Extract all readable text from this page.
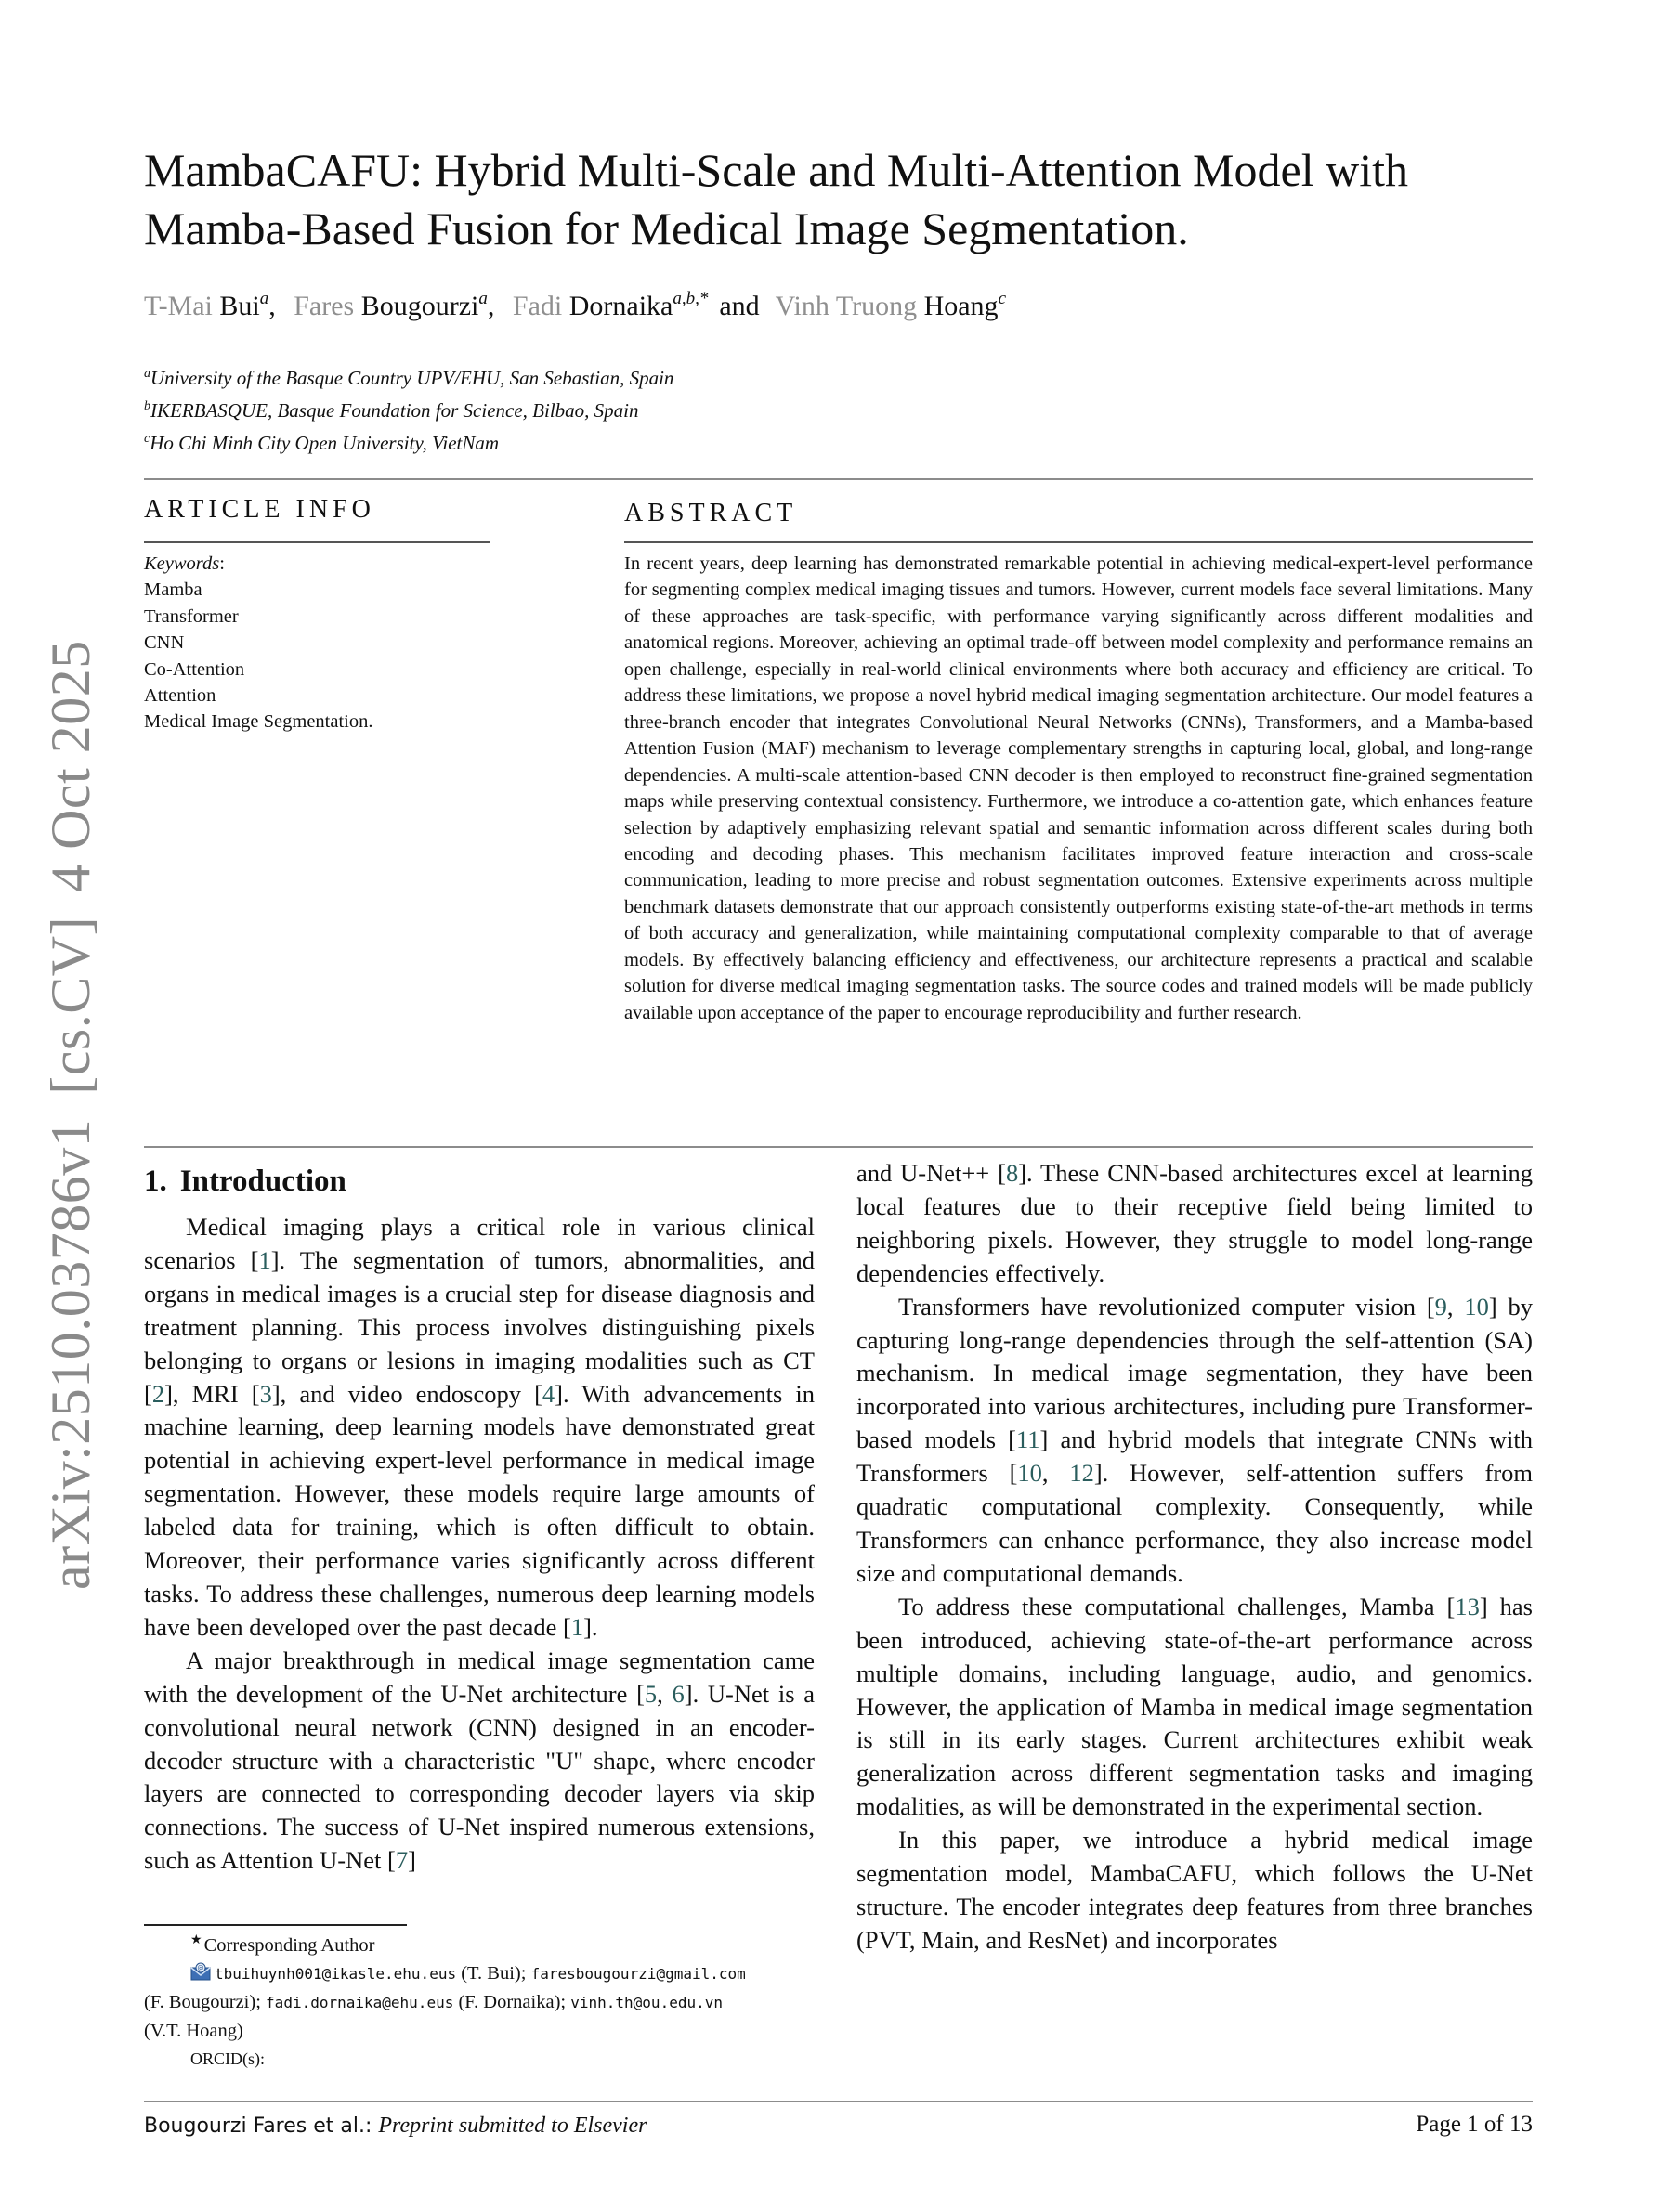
arXiv:2510.03786v1[cs.CV]4 Oct 2025
MambaCAFU: Hybrid Multi-Scale and Multi-Attention Model with Mamba-Based Fusion for Medical Image Segmentation.
T-Mai Bui$^a$, Fares Bougourzi$^a$, Fadi Dornaika$^{a,b,*}$ and Vinh Truong Hoang$^c$
$^a$University of the Basque Country UPV/EHU, San Sebastian, Spain
$^b$IKERBASQUE, Basque Foundation for Science, Bilbao, Spain
$^c$Ho Chi Minh City Open University, VietNam
ARTICLE INFO
Keywords:
Mamba
Transformer
CNN
Co-Attention
Attention
Medical Image Segmentation.
ABSTRACT

In recent years, deep learning has demonstrated remarkable potential in achieving medical-expert-level performance for segmenting complex medical imaging tissues and tumors. However, current models face several limitations. Many of these approaches are task-specific, with performance varying significantly across different modalities and anatomical regions. Moreover, achieving an optimal trade-off between model complexity and performance remains an open challenge, especially in real-world clinical environments where both accuracy and efficiency are critical. To address these limitations, we propose a novel hybrid medical imaging segmentation architecture. Our model features a three-branch encoder that integrates Convolutional Neural Networks (CNNs), Transformers, and a Mamba-based Attention Fusion (MAF) mechanism to leverage complementary strengths in capturing local, global, and long-range dependencies. A multi-scale attention-based CNN decoder is then employed to reconstruct fine-grained segmentation maps while preserving contextual consistency. Furthermore, we introduce a co-attention gate, which enhances feature selection by adaptively emphasizing relevant spatial and semantic information across different scales during both encoding and decoding phases. This mechanism facilitates improved feature interaction and cross-scale communication, leading to more precise and robust segmentation outcomes. Extensive experiments across multiple benchmark datasets demonstrate that our approach consistently outperforms existing state-of-the-art methods in terms of both accuracy and generalization, while maintaining computational complexity comparable to that of average models. By effectively balancing efficiency and effectiveness, our architecture represents a practical and scalable solution for diverse medical imaging segmentation tasks. The source codes and trained models will be made publicly available upon acceptance of the paper to encourage reproducibility and further research.

1. Introduction

Medical imaging plays a critical role in various clinical scenarios [1]. The segmentation of tumors, abnormalities, and organs in medical images is a crucial step for disease diagnosis and treatment planning. This process involves distinguishing pixels belonging to organs or lesions in imaging modalities such as CT [2], MRI [3], and video endoscopy [4]. With advancements in machine learning, deep learning models have demonstrated great potential in achieving expert-level performance in medical image segmentation. However, these models require large amounts of labeled data for training, which is often difficult to obtain. Moreover, their performance varies significantly across different tasks. To address these challenges, numerous deep learning models have been developed over the past decade [1].

A major breakthrough in medical image segmentation came with the development of the U-Net architecture [5, 6]. U-Net is a convolutional neural network (CNN) designed in an encoder-decoder structure with a characteristic "U" shape, where encoder layers are connected to corresponding decoder layers via skip connections. The success of U-Net inspired numerous extensions, such as Attention U-Net [7]

and U-Net++ [8]. These CNN-based architectures excel at learning local features due to their receptive field being limited to neighboring pixels. However, they struggle to model long-range dependencies effectively.

Transformers have revolutionized computer vision [9, 10] by capturing long-range dependencies through the self-attention (SA) mechanism. In medical image segmentation, they have been incorporated into various architectures, including pure Transformer-based models [11] and hybrid models that integrate CNNs with Transformers [10, 12]. However, self-attention suffers from quadratic computational complexity. Consequently, while Transformers can enhance performance, they also increase model size and computational demands.

To address these computational challenges, Mamba [13] has been introduced, achieving state-of-the-art performance across multiple domains, including language, audio, and genomics. However, the application of Mamba in medical image segmentation is still in its early stages. Current architectures exhibit weak generalization across different segmentation tasks and imaging modalities, as will be demonstrated in the experimental section.

In this paper, we introduce a hybrid medical image segmentation model, MambaCAFU, which follows the U-Net structure. The encoder integrates deep features from three branches (PVT, Main, and ResNet) and incorporates

★Corresponding Author
@ tbuihuynh001@ikasle.ehu.eus (T. Bui); faresbougourzi@gmail.com
(F. Bougourzi); fadi.dornaika@ehu.eus (F. Dornaika); vinh.th@ou.edu.vn
(V.T. Hoang)
ORCID(s):
Bougourzi Fares et al.: Preprint submitted to Elsevier	Page 1 of 13
